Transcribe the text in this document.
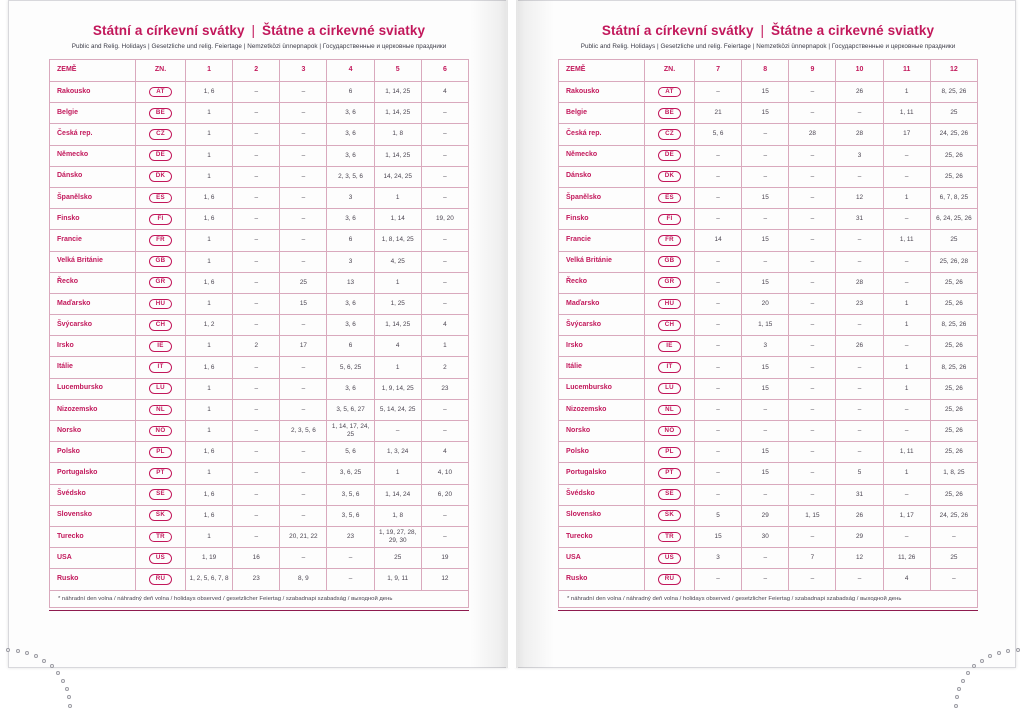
Státní a církevní svátky | Štátne a cirkevné sviatky
Public and Relig. Holidays | Gesetzliche und relig. Feiertage | Nemzetközi ünnepnapok | Государственные и церковные праздники
ZEMĚ	ZN.	1	2	3	4	5	6
Rakousko	AT	1, 6	–	–	6	1, 14, 25	4
Belgie	BE	1	–	–	3, 6	1, 14, 25	–
Česká rep.	CZ	1	–	–	3, 6	1, 8	–
Německo	DE	1	–	–	3, 6	1, 14, 25	–
Dánsko	DK	1	–	–	2, 3, 5, 6	14, 24, 25	–
Španělsko	ES	1, 6	–	–	3	1	–
Finsko	FI	1, 6	–	–	3, 6	1, 14	19, 20
Francie	FR	1	–	–	6	1, 8, 14, 25	–
Velká Británie	GB	1	–	–	3	4, 25	–
Řecko	GR	1, 6	–	25	13	1	–
Maďarsko	HU	1	–	15	3, 6	1, 25	–
Švýcarsko	CH	1, 2	–	–	3, 6	1, 14, 25	4
Irsko	IE	1	2	17	6	4	1
Itálie	IT	1, 6	–	–	5, 6, 25	1	2
Lucembursko	LU	1	–	–	3, 6	1, 9, 14, 25	23
Nizozemsko	NL	1	–	–	3, 5, 6, 27	5, 14, 24, 25	–
Norsko	NO	1	–	2, 3, 5, 6	1, 14, 17, 24, 25	–	–
Polsko	PL	1, 6	–	–	5, 6	1, 3, 24	4
Portugalsko	PT	1	–	–	3, 6, 25	1	4, 10
Švédsko	SE	1, 6	–	–	3, 5, 6	1, 14, 24	6, 20
Slovensko	SK	1, 6	–	–	3, 5, 6	1, 8	–
Turecko	TR	1	–	20, 21, 22	23	1, 19, 27, 28, 29, 30	–
USA	US	1, 19	16	–	–	25	19
Rusko	RU	1, 2, 5, 6, 7, 8	23	8, 9	–	1, 9, 11	12
* náhradní den volna / náhradný deň volna / holidays observed / gesetzlicher Feiertag / szabadnapi szabadság / выходной день
Státní a církevní svátky | Štátne a cirkevné sviatky
Public and Relig. Holidays | Gesetzliche und relig. Feiertage | Nemzetközi ünnepnapok | Государственные и церковные праздники
ZEMĚ	ZN.	7	8	9	10	11	12
Rakousko	AT	–	15	–	26	1	8, 25, 26
Belgie	BE	21	15	–	–	1, 11	25
Česká rep.	CZ	5, 6	–	28	28	17	24, 25, 26
Německo	DE	–	–	–	3	–	25, 26
Dánsko	DK	–	–	–	–	–	25, 26
Španělsko	ES	–	15	–	12	1	6, 7, 8, 25
Finsko	FI	–	–	–	31	–	6, 24, 25, 26
Francie	FR	14	15	–	–	1, 11	25
Velká Británie	GB	–	–	–	–	–	25, 26, 28
Řecko	GR	–	15	–	28	–	25, 26
Maďarsko	HU	–	20	–	23	1	25, 26
Švýcarsko	CH	–	1, 15	–	–	1	8, 25, 26
Irsko	IE	–	3	–	26	–	25, 26
Itálie	IT	–	15	–	–	1	8, 25, 26
Lucembursko	LU	–	15	–	–	1	25, 26
Nizozemsko	NL	–	–	–	–	–	25, 26
Norsko	NO	–	–	–	–	–	25, 26
Polsko	PL	–	15	–	–	1, 11	25, 26
Portugalsko	PT	–	15	–	5	1	1, 8, 25
Švédsko	SE	–	–	–	31	–	25, 26
Slovensko	SK	5	29	1, 15	26	1, 17	24, 25, 26
Turecko	TR	15	30	–	29	–	–
USA	US	3	–	7	12	11, 26	25
Rusko	RU	–	–	–	–	4	–
* náhradní den volna / náhradný deň volna / holidays observed / gesetzlicher Feiertag / szabadnapi szabadság / выходной день
